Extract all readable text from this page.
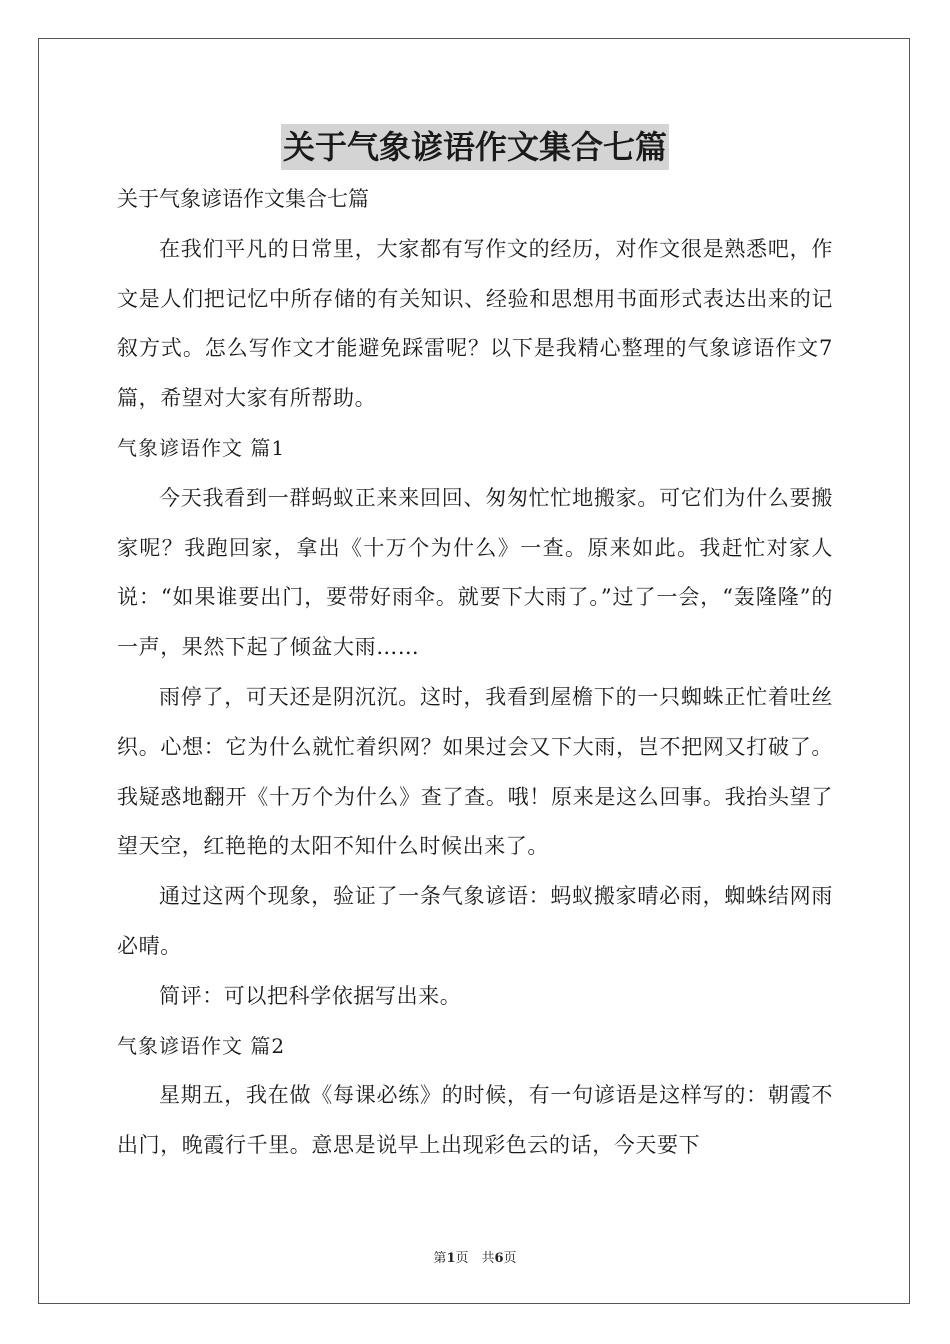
关于气象谚语作文集合七篇
关于气象谚语作文集合七篇

在我们平凡的日常里，大家都有写作文的经历，对作文很是熟悉吧，作文是人们把记忆中所存储的有关知识、经验和思想用书面形式表达出来的记叙方式。怎么写作文才能避免踩雷呢？以下是我精心整理的气象谚语作文7篇，希望对大家有所帮助。

气象谚语作文 篇1

今天我看到一群蚂蚁正来来回回、匆匆忙忙地搬家。可它们为什么要搬家呢？我跑回家，拿出《十万个为什么》一查。原来如此。我赶忙对家人说：“如果谁要出门，要带好雨伞。就要下大雨了。”过了一会，“轰隆隆”的一声，果然下起了倾盆大雨……

雨停了，可天还是阴沉沉。这时，我看到屋檐下的一只蜘蛛正忙着吐丝织。心想：它为什么就忙着织网？如果过会又下大雨，岂不把网又打破了。我疑惑地翻开《十万个为什么》查了查。哦！原来是这么回事。我抬头望了望天空，红艳艳的太阳不知什么时候出来了。

通过这两个现象，验证了一条气象谚语：蚂蚁搬家晴必雨，蜘蛛结网雨必晴。

简评：可以把科学依据写出来。

气象谚语作文 篇2

星期五，我在做《每课必练》的时候，有一句谚语是这样写的：朝霞不出门，晚霞行千里。意思是说早上出现彩色云的话，今天要下

第1页　共6页
